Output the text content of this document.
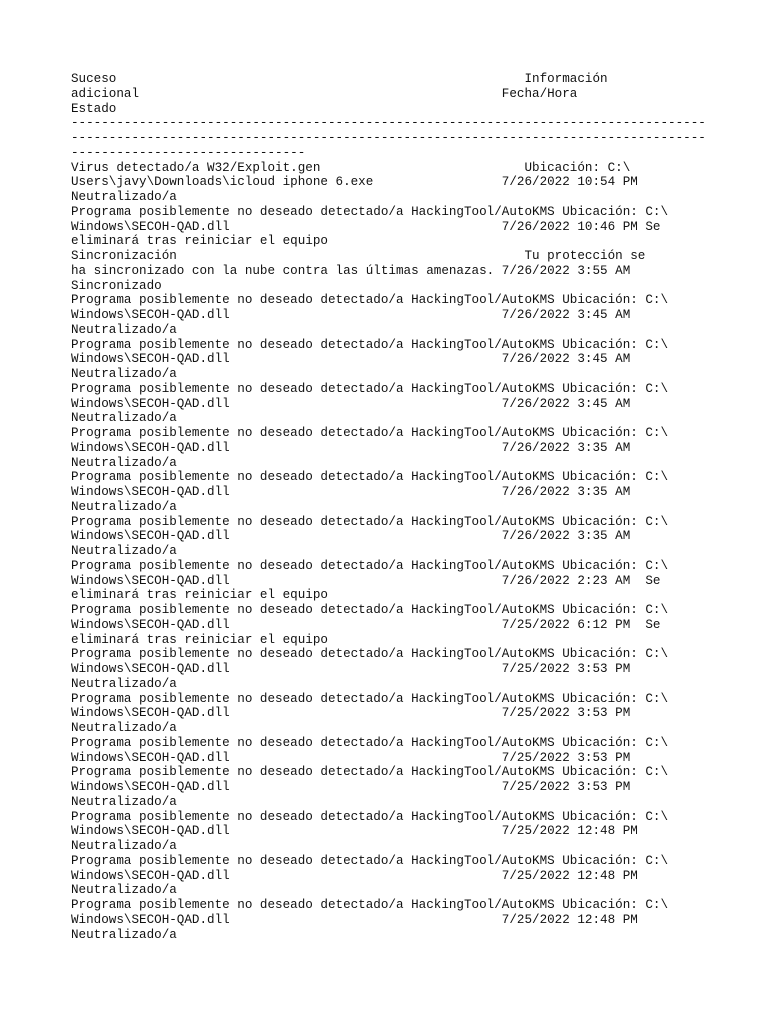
Suceso                                                      Información
adicional                                                Fecha/Hora
Estado
------------------------------------------------------------------------------------
------------------------------------------------------------------------------------
-------------------------------
Virus detectado/a W32/Exploit.gen                           Ubicación: C:\
Users\javy\Downloads\icloud iphone 6.exe                 7/26/2022 10:54 PM
Neutralizado/a
Programa posiblemente no deseado detectado/a HackingTool/AutoKMS Ubicación: C:\
Windows\SECOH-QAD.dll                                    7/26/2022 10:46 PM Se
eliminará tras reiniciar el equipo
Sincronización                                              Tu protección se
ha sincronizado con la nube contra las últimas amenazas. 7/26/2022 3:55 AM
Sincronizado
Programa posiblemente no deseado detectado/a HackingTool/AutoKMS Ubicación: C:\
Windows\SECOH-QAD.dll                                    7/26/2022 3:45 AM
Neutralizado/a
Programa posiblemente no deseado detectado/a HackingTool/AutoKMS Ubicación: C:\
Windows\SECOH-QAD.dll                                    7/26/2022 3:45 AM
Neutralizado/a
Programa posiblemente no deseado detectado/a HackingTool/AutoKMS Ubicación: C:\
Windows\SECOH-QAD.dll                                    7/26/2022 3:45 AM
Neutralizado/a
Programa posiblemente no deseado detectado/a HackingTool/AutoKMS Ubicación: C:\
Windows\SECOH-QAD.dll                                    7/26/2022 3:35 AM
Neutralizado/a
Programa posiblemente no deseado detectado/a HackingTool/AutoKMS Ubicación: C:\
Windows\SECOH-QAD.dll                                    7/26/2022 3:35 AM
Neutralizado/a
Programa posiblemente no deseado detectado/a HackingTool/AutoKMS Ubicación: C:\
Windows\SECOH-QAD.dll                                    7/26/2022 3:35 AM
Neutralizado/a
Programa posiblemente no deseado detectado/a HackingTool/AutoKMS Ubicación: C:\
Windows\SECOH-QAD.dll                                    7/26/2022 2:23 AM  Se
eliminará tras reiniciar el equipo
Programa posiblemente no deseado detectado/a HackingTool/AutoKMS Ubicación: C:\
Windows\SECOH-QAD.dll                                    7/25/2022 6:12 PM  Se
eliminará tras reiniciar el equipo
Programa posiblemente no deseado detectado/a HackingTool/AutoKMS Ubicación: C:\
Windows\SECOH-QAD.dll                                    7/25/2022 3:53 PM
Neutralizado/a
Programa posiblemente no deseado detectado/a HackingTool/AutoKMS Ubicación: C:\
Windows\SECOH-QAD.dll                                    7/25/2022 3:53 PM
Neutralizado/a
Programa posiblemente no deseado detectado/a HackingTool/AutoKMS Ubicación: C:\
Windows\SECOH-QAD.dll                                    7/25/2022 3:53 PM
Programa posiblemente no deseado detectado/a HackingTool/AutoKMS Ubicación: C:\
Windows\SECOH-QAD.dll                                    7/25/2022 3:53 PM
Neutralizado/a
Programa posiblemente no deseado detectado/a HackingTool/AutoKMS Ubicación: C:\
Windows\SECOH-QAD.dll                                    7/25/2022 12:48 PM
Neutralizado/a
Programa posiblemente no deseado detectado/a HackingTool/AutoKMS Ubicación: C:\
Windows\SECOH-QAD.dll                                    7/25/2022 12:48 PM
Neutralizado/a
Programa posiblemente no deseado detectado/a HackingTool/AutoKMS Ubicación: C:\
Windows\SECOH-QAD.dll                                    7/25/2022 12:48 PM
Neutralizado/a
